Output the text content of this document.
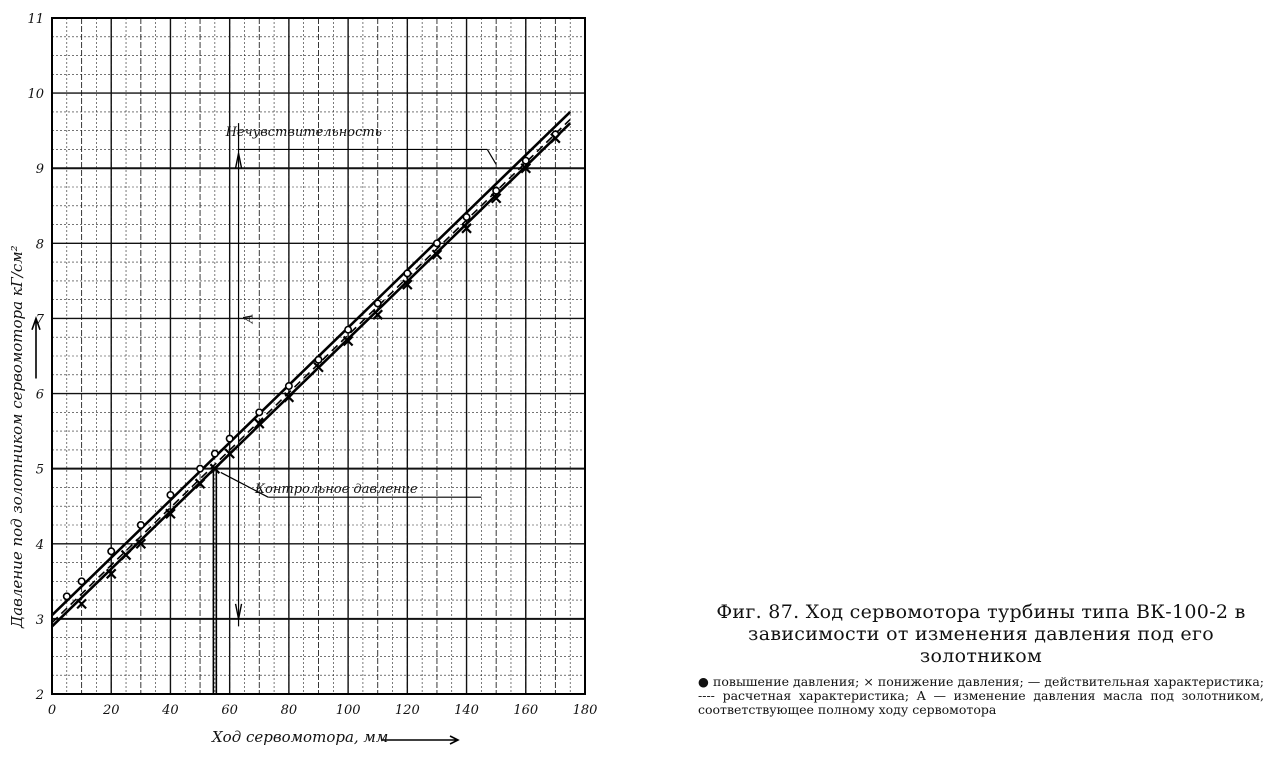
0	20	40	60	80	100	120	140	160	180
2
3
4
5
6
7
8
9
10
11
Нечувствительность
Контрольное давление
A
Ход сервомотора, мм
Давление под золотником сервомотора кГ/см²	Фиг. 87. Ход сервомотора турбины типа ВК-100-2 в зависимости от изменения давления под его золотником
● повышение давления; × понижение давления; — действительная характеристика; ---- расчетная характеристика; A — изменение давления масла под золотником, соответствующее полному ходу сервомотора
